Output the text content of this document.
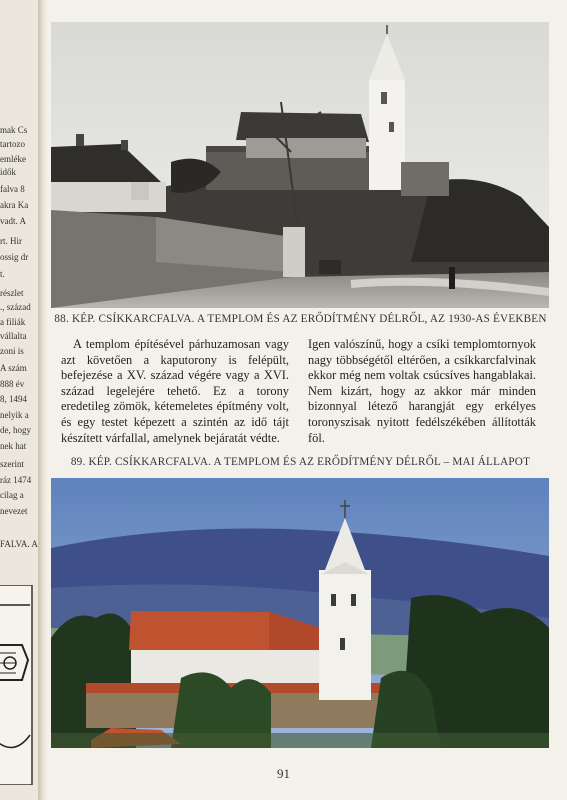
mak Cs
tartozo
emléke
idők
falva 8
akra Ka
vadt. A
rt. Hir
ossig dr
t.
részlet
., század
a filiák
vállalta
zoni is
A szám
888 év
8, 1494
nelyik a
de, hogy
nek hat
szerint
ráz 1474
cilag a
nevezet
FALVA. A
88. KÉP. CSÍKKARCFALVA. A TEMPLOM ÉS AZ ERŐDÍTMÉNY DÉLRŐL, AZ 1930-AS ÉVEKBEN

A templom építésével párhuzamosan vagy azt követően a kaputorony is felépült, befejezése a XV. század végére vagy a XVI. század legelejére tehető. Ez a torony eredetileg zömök, kétemeletes építmény volt, és egy testet képezett a szintén az idő tájt készített várfallal, amelynek bejáratát védte.

Igen valószínű, hogy a csíki templomtornyok nagy többségétől eltérően, a csíkkarcfalvinak ekkor még nem voltak csúcsíves hangablakai. Nem kizárt, hogy az akkor már minden bizonnyal létező harangját egy erkélyes toronyszisak nyitott fedélszékében állították föl.

89. KÉP. CSÍKKARCFALVA. A TEMPLOM ÉS AZ ERŐDÍTMÉNY DÉLRŐL – MAI ÁLLAPOT
91
